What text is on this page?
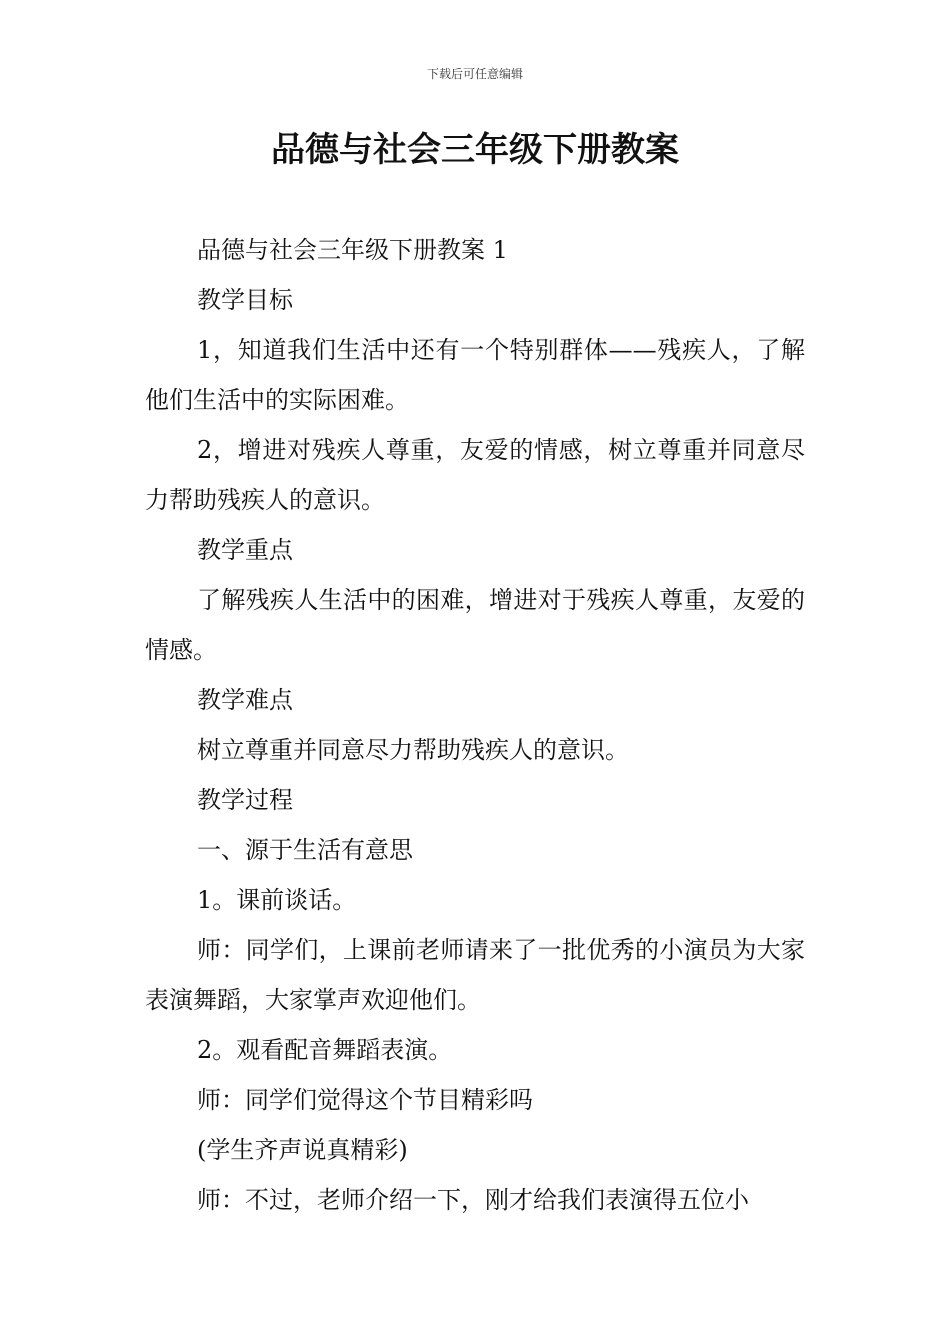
下载后可任意编辑
品德与社会三年级下册教案

品德与社会三年级下册教案 1

教学目标

1，知道我们生活中还有一个特别群体——残疾人，了解他们生活中的实际困难。

2，增进对残疾人尊重，友爱的情感，树立尊重并同意尽力帮助残疾人的意识。

教学重点

了解残疾人生活中的困难，增进对于残疾人尊重，友爱的情感。

教学难点

树立尊重并同意尽力帮助残疾人的意识。

教学过程

一、源于生活有意思

1。课前谈话。

师：同学们，上课前老师请来了一批优秀的小演员为大家表演舞蹈，大家掌声欢迎他们。

2。观看配音舞蹈表演。

师：同学们觉得这个节目精彩吗

(学生齐声说真精彩)

师：不过，老师介绍一下，刚才给我们表演得五位小
